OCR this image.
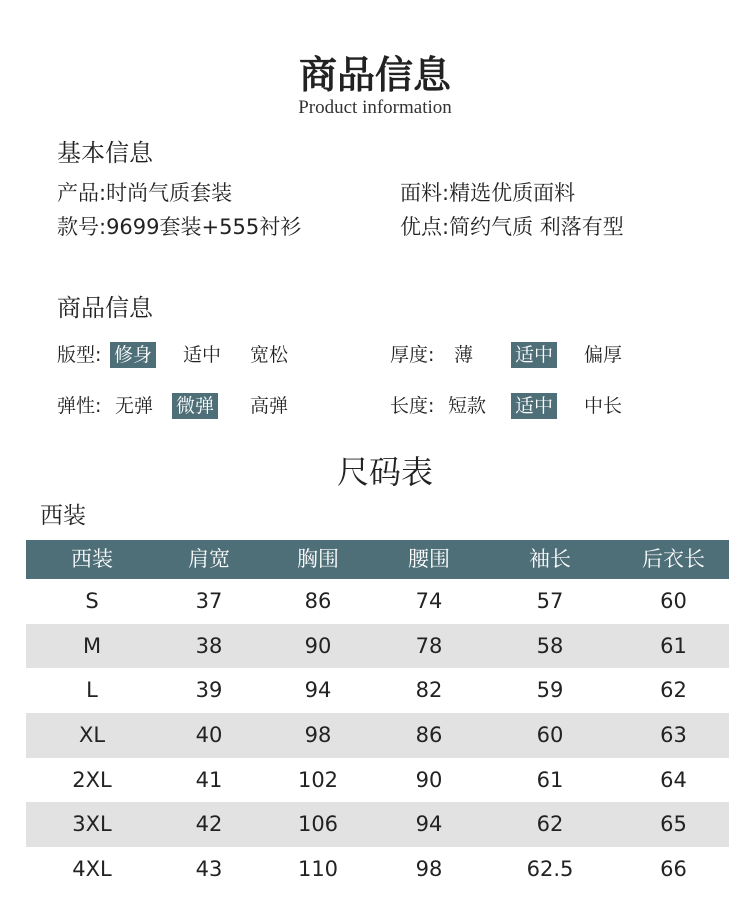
商品信息
Product information
基本信息
产品:时尚气质套装	面料:精选优质面料
款号:9699套装+555衬衫	优点:简约气质 利落有型
商品信息
版型: 修身 适中 宽松	厚度: 薄 适中 偏厚
弹性: 无弹 微弹 高弹	长度: 短款 适中 中长
尺码表
西装
西装	肩宽	胸围	腰围	袖长	后衣长
S	37	86	74	57	60
M	38	90	78	58	61
L	39	94	82	59	62
XL	40	98	86	60	63
2XL	41	102	90	61	64
3XL	42	106	94	62	65
4XL	43	110	98	62.5	66
